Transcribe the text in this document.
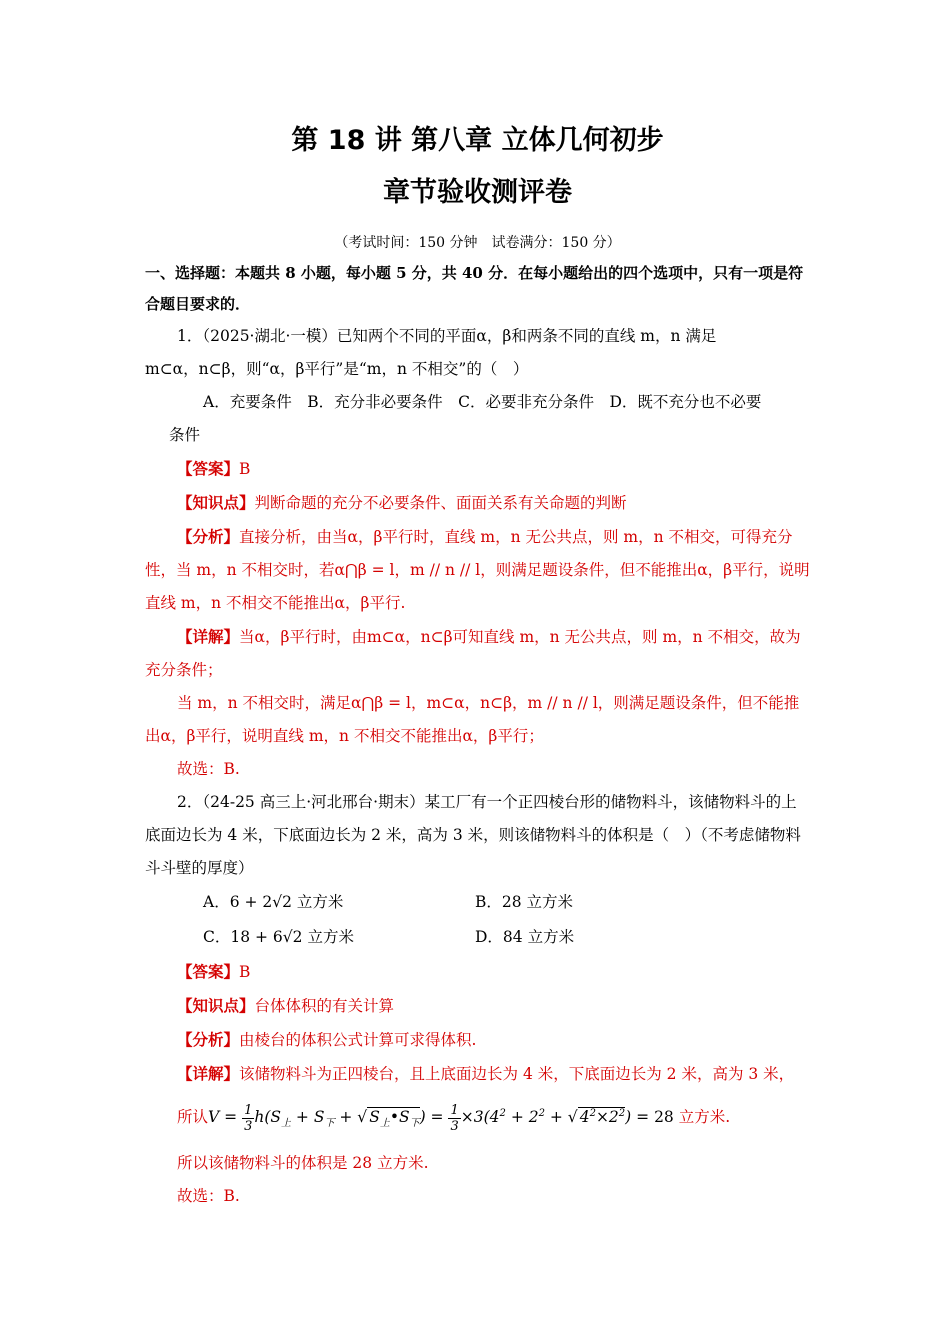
第 18 讲 第八章 立体几何初步
章节验收测评卷
（考试时间：150 分钟　试卷满分：150 分）
一、选择题：本题共 8 小题，每小题 5 分，共 40 分．在每小题给出的四个选项中，只有一项是符合题目要求的．
1．（2025·湖北·一模）已知两个不同的平面α，β和两条不同的直线 m，n 满足
m⊂α，n⊂β，则“α，β平行”是“m，n 不相交”的（　）
A．充要条件　B．充分非必要条件　C．必要非充分条件　D．既不充分也不必要
条件
【答案】B
【知识点】判断命题的充分不必要条件、面面关系有关命题的判断
【分析】直接分析，由当α，β平行时，直线 m，n 无公共点，则 m，n 不相交，可得充分性，当 m，n 不相交时，若α⋂β = l，m // n // l，则满足题设条件，但不能推出α，β平行，说明直线 m，n 不相交不能推出α，β平行.
【详解】当α，β平行时，由m⊂α，n⊂β可知直线 m，n 无公共点，则 m，n 不相交，故为充分条件；
当 m，n 不相交时，满足α⋂β = l，m⊂α，n⊂β，m // n // l，则满足题设条件，但不能推出α，β平行，说明直线 m，n 不相交不能推出α，β平行；
故选：B.
2．（24-25 高三上·河北邢台·期末）某工厂有一个正四棱台形的储物料斗，该储物料斗的上底面边长为 4 米，下底面边长为 2 米，高为 3 米，则该储物料斗的体积是（　）（不考虑储物料斗斗壁的厚度）
A．6 + 2√2 立方米	B．28 立方米
C．18 + 6√2 立方米	D．84 立方米
【答案】B
【知识点】台体体积的有关计算
【分析】由棱台的体积公式计算可求得体积.
【详解】该储物料斗为正四棱台，且上底面边长为 4 米，下底面边长为 2 米，高为 3 米，
所认$V = \frac{1}{3} h(S_上 + S_下$ + √ $S_上•S_下) = \frac{1}{3} \times 3(4^2 + 2^2$ + √ $4^2\times 2^2) = 28$ 立方米.
所以该储物料斗的体积是 28 立方米.
故选：B.
